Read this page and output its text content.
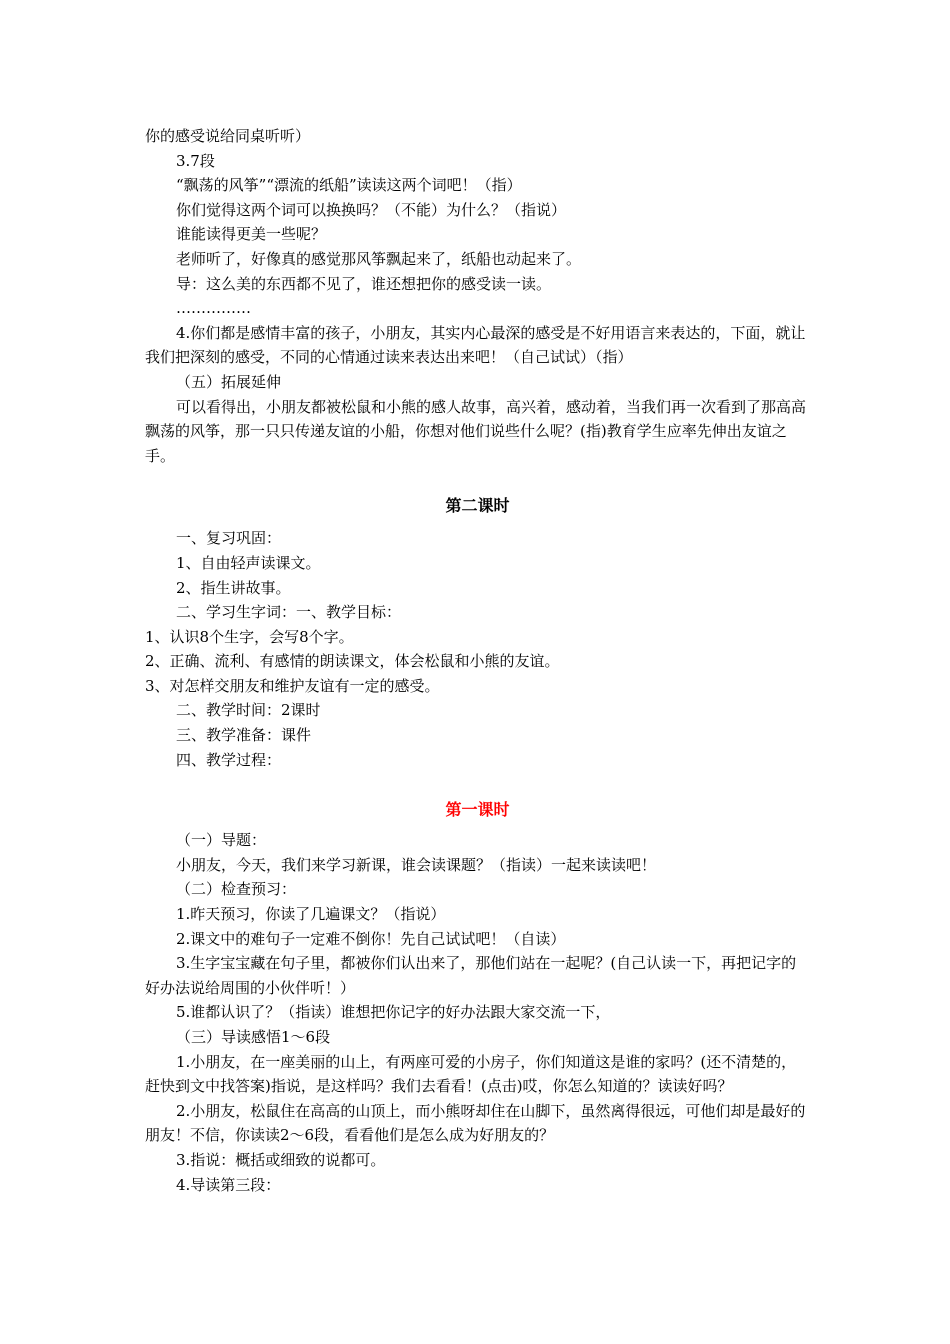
你的感受说给同桌听听）

3.7段

“飘荡的风筝”“漂流的纸船”读读这两个词吧！（指）

你们觉得这两个词可以换换吗？（不能）为什么？（指说）

谁能读得更美一些呢？

老师听了，好像真的感觉那风筝飘起来了，纸船也动起来了。

导：这么美的东西都不见了，谁还想把你的感受读一读。

……………

4.你们都是感情丰富的孩子，小朋友，其实内心最深的感受是不好用语言来表达的，下面，就让我们把深刻的感受，不同的心情通过读来表达出来吧！（自己试试）（指）

（五）拓展延伸

可以看得出，小朋友都被松鼠和小熊的感人故事，高兴着，感动着，当我们再一次看到了那高高飘荡的风筝，那一只只传递友谊的小船，你想对他们说些什么呢？(指)教育学生应率先伸出友谊之手。

第二课时

一、复习巩固：

1、自由轻声读课文。

2、指生讲故事。

二、学习生字词：一、教学目标：

1、认识8个生字，会写8个字。

2、正确、流利、有感情的朗读课文，体会松鼠和小熊的友谊。

3、对怎样交朋友和维护友谊有一定的感受。

二、教学时间：2课时

三、教学准备：课件

四、教学过程：

第一课时

（一）导题：

小朋友，今天，我们来学习新课，谁会读课题？（指读）一起来读读吧！

（二）检查预习：

1.昨天预习，你读了几遍课文？（指说）

2.课文中的难句子一定难不倒你！先自己试试吧！（自读）

3.生字宝宝藏在句子里，都被你们认出来了，那他们站在一起呢？(自己认读一下，再把记字的好办法说给周围的小伙伴听！）

5.谁都认识了？（指读）谁想把你记字的好办法跟大家交流一下，

（三）导读感悟1～6段

1.小朋友，在一座美丽的山上，有两座可爱的小房子，你们知道这是谁的家吗？(还不清楚的，赶快到文中找答案)指说，是这样吗？我们去看看！(点击)哎，你怎么知道的？读读好吗？

2.小朋友，松鼠住在高高的山顶上，而小熊呀却住在山脚下，虽然离得很远，可他们却是最好的朋友！不信，你读读2～6段，看看他们是怎么成为好朋友的？

3.指说：概括或细致的说都可。

4.导读第三段：
